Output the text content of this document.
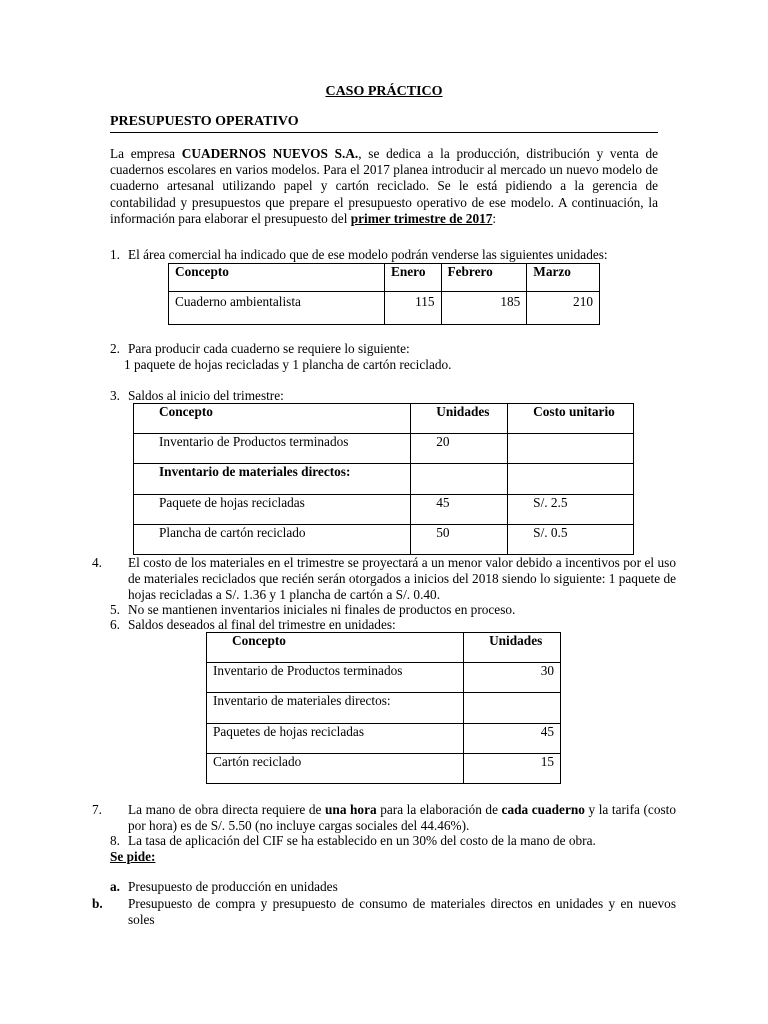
CASO PRÁCTICO
PRESUPUESTO OPERATIVO
La empresa CUADERNOS NUEVOS S.A., se dedica a la producción, distribución y venta de cuadernos escolares en varios modelos. Para el 2017 planea introducir al mercado un nuevo modelo de cuaderno artesanal utilizando papel y cartón reciclado. Se le está pidiendo a la gerencia de contabilidad y presupuestos que prepare el presupuesto operativo de ese modelo. A continuación, la información para elaborar el presupuesto del primer trimestre de 2017:
1. El área comercial ha indicado que de ese modelo podrán venderse las siguientes unidades:
Concepto	Enero	Febrero	Marzo
Cuaderno ambientalista	115	185	210
2. Para producir cada cuaderno se requiere lo siguiente:
1 paquete de hojas recicladas y 1 plancha de cartón reciclado.
3. Saldos al inicio del trimestre:
Concepto	Unidades	Costo unitario
Inventario de Productos terminados	20	
Inventario de materiales directos:		
Paquete de hojas recicladas	45	S/. 2.5
Plancha de cartón reciclado	50	S/. 0.5
4. El costo de los materiales en el trimestre se proyectará a un menor valor debido a incentivos por el uso de materiales reciclados que recién serán otorgados a inicios del 2018 siendo lo siguiente: 1 paquete de hojas recicladas a S/. 1.36 y 1 plancha de cartón a S/. 0.40.
5. No se mantienen inventarios iniciales ni finales de productos en proceso.
6. Saldos deseados al final del trimestre en unidades:
Concepto	Unidades
Inventario de Productos terminados	30
Inventario de materiales directos:	
Paquetes de hojas recicladas	45
Cartón reciclado	15
7. La mano de obra directa requiere de una hora para la elaboración de cada cuaderno y la tarifa (costo por hora) es de S/. 5.50 (no incluye cargas sociales del 44.46%).
8. La tasa de aplicación del CIF se ha establecido en un 30% del costo de la mano de obra.
Se pide:
a. Presupuesto de producción en unidades
b. Presupuesto de compra y presupuesto de consumo de materiales directos en unidades y en nuevos soles
